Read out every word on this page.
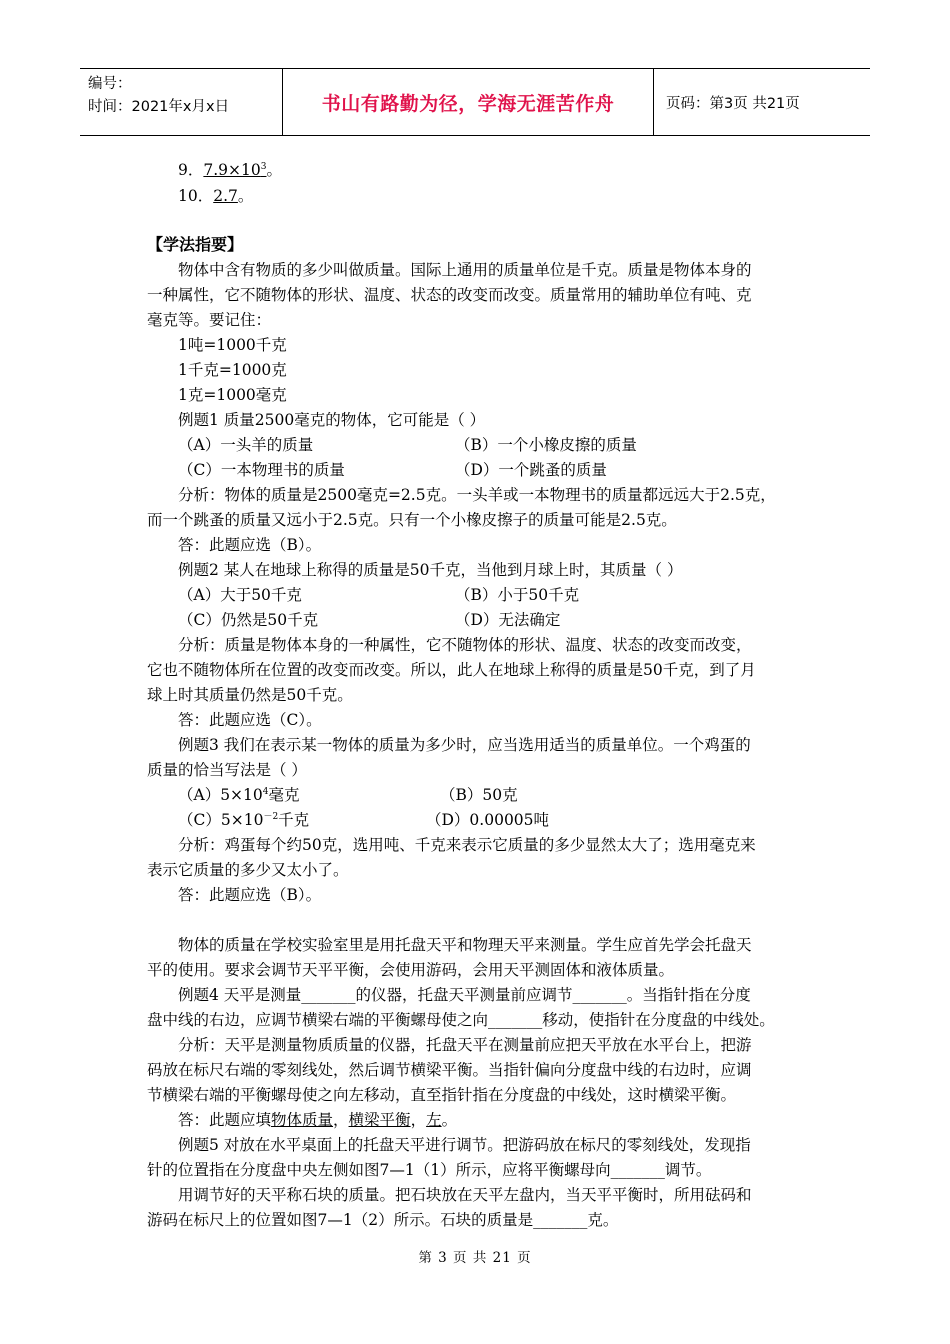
编号：
时间：2021年x月x日	书山有路勤为径，学海无涯苦作舟	页码：第3页 共21页
9．$7.9\times 10^3$。
10．2.7。
【学法指要】
物体中含有物质的多少叫做质量。国际上通用的质量单位是千克。质量是物体本身的
一种属性，它不随物体的形状、温度、状态的改变而改变。质量常用的辅助单位有吨、克
毫克等。要记住：
1吨=1000千克
1千克=1000克
1克=1000毫克
例题1 质量2500毫克的物体，它可能是（ ）
（A）一头羊的质量	（B）一个小橡皮擦的质量
（C）一本物理书的质量	（D）一个跳蚤的质量
分析：物体的质量是2500毫克=2.5克。一头羊或一本物理书的质量都远远大于2.5克，
而一个跳蚤的质量又远小于2.5克。只有一个小橡皮擦子的质量可能是2.5克。
答：此题应选（B）。
例题2 某人在地球上称得的质量是50千克，当他到月球上时，其质量（ ）
（A）大于50千克	（B）小于50千克
（C）仍然是50千克	（D）无法确定
分析：质量是物体本身的一种属性，它不随物体的形状、温度、状态的改变而改变，
它也不随物体所在位置的改变而改变。所以，此人在地球上称得的质量是50千克，到了月
球上时其质量仍然是50千克。
答：此题应选（C）。
例题3 我们在表示某一物体的质量为多少时，应当选用适当的质量单位。一个鸡蛋的
质量的恰当写法是（ ）
$(A)5\times 10^4$毫克	（B）50克
$(C)5\times 10^{-2}$千克	（D）0.00005吨
分析：鸡蛋每个约50克，选用吨、千克来表示它质量的多少显然太大了；选用毫克来
表示它质量的多少又太小了。
答：此题应选（B）。
物体的质量在学校实验室里是用托盘天平和物理天平来测量。学生应首先学会托盘天
平的使用。要求会调节天平平衡，会使用游码，会用天平测固体和液体质量。
例题4 天平是测量_______的仪器，托盘天平测量前应调节_______。当指针指在分度
盘中线的右边，应调节横梁右端的平衡螺母使之向_______移动，使指针在分度盘的中线处。
分析：天平是测量物质质量的仪器，托盘天平在测量前应把天平放在水平台上，把游
码放在标尺右端的零刻线处，然后调节横梁平衡。当指针偏向分度盘中线的右边时，应调
节横梁右端的平衡螺母使之向左移动，直至指针指在分度盘的中线处，这时横梁平衡。
答：此题应填物体质量，横梁平衡，左。
例题5 对放在水平桌面上的托盘天平进行调节。把游码放在标尺的零刻线处，发现指
针的位置指在分度盘中央左侧如图7—1（1）所示，应将平衡螺母向_______调节。
用调节好的天平称石块的质量。把石块放在天平左盘内，当天平平衡时，所用砝码和
游码在标尺上的位置如图7—1（2）所示。石块的质量是_______克。
第 3 页 共 21 页
